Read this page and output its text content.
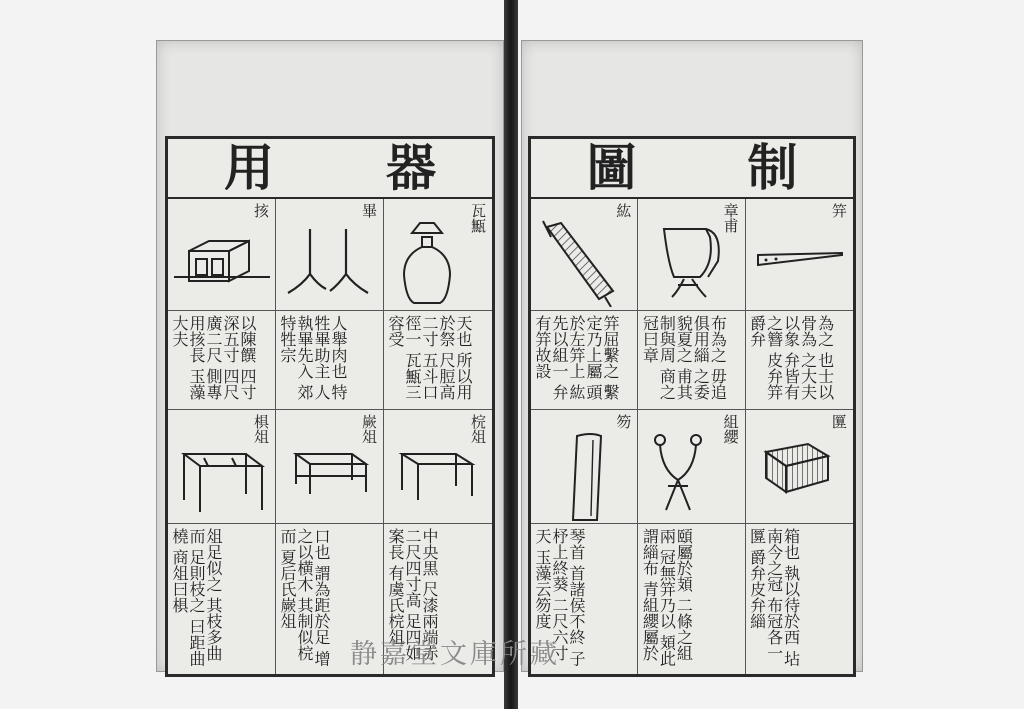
用 器
㧡	畢	瓦甒
以陳饌 四寸深五寸 四尺廣二尺 側專用㧡長 玉藻大夫	人舉肉也 特牲畢助主 人執畢先入 郊特牲宗	天也 所以用於祭 尺脰高二寸 五斗口徑一 瓦甒三容受
椇俎	嶡俎	梡俎
俎足似之 其枝多曲而 足則枝之 曰距曲橈 商俎曰椇	口也 謂為距於足 增之以横木 其制似梡而 夏后氏嶡俎	中央黒 尺漆兩端赤 二尺四寸高 足四如案長 有虞氏梡俎
圖 制
紘	章甫	笄
笄屈繫之 繫定乃上屬 頭於左笄上 紘先以組一 弁有笄故設	布為之 毋追俱用緇 之委貌夏之 甫其制與周 商之冠曰章	為之 也士以骨為 之大夫以象 弁皆有之簪 皮弁笄爵弁
笏	組纓	匴
琴首 首諸侯不終 子杼上終葵 二尺六寸天 玉藻云笏度	頤屬於頍 二條之組兩 冠無笄乃以 頍此謂緇布 青組纓屬於	箱也 執以待於西 坫南今之冠 布冠各一匴 爵弁皮弁緇
静嘉堂文庫所藏
